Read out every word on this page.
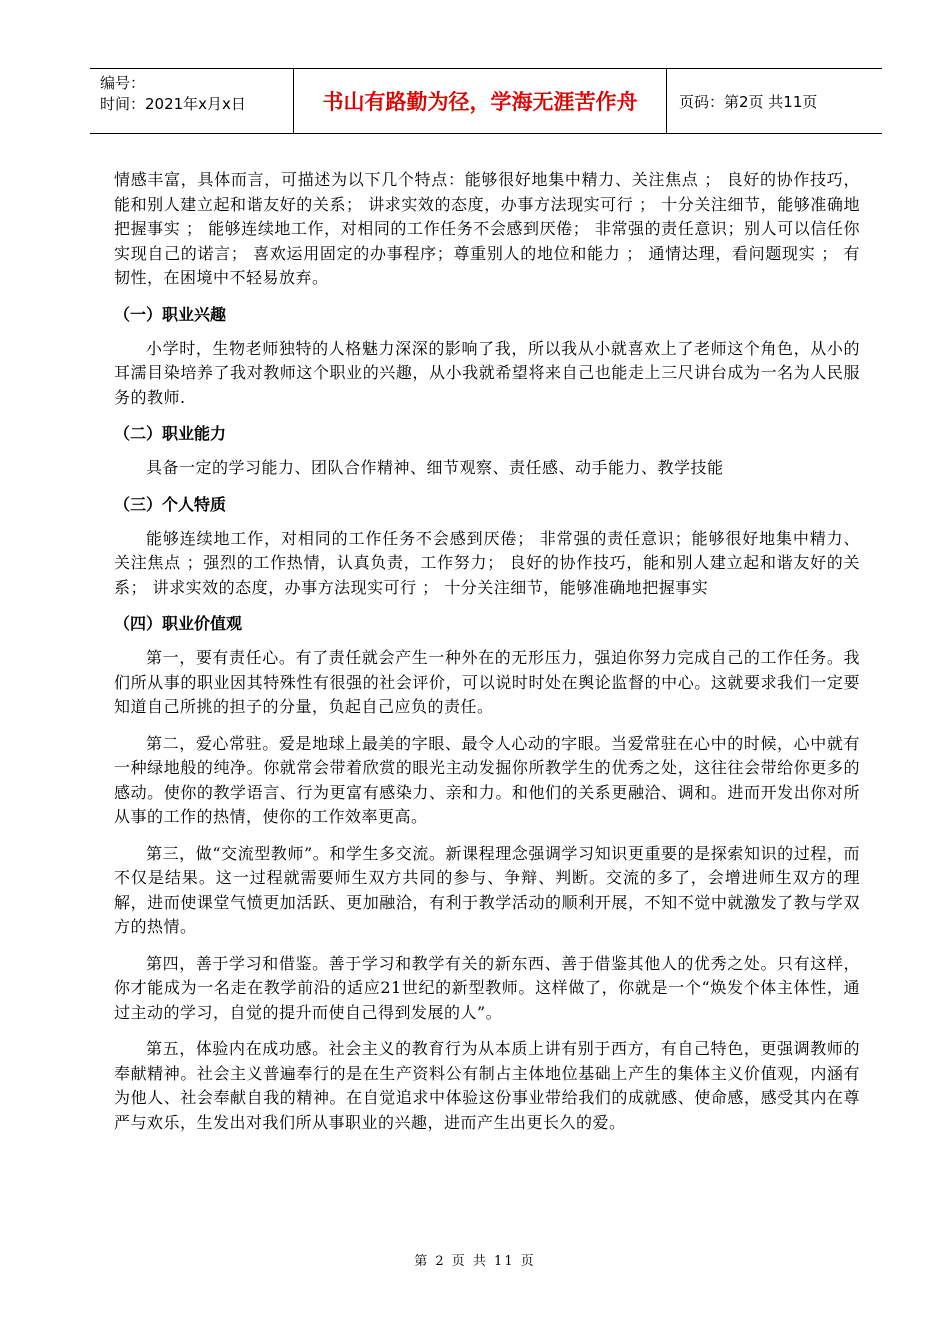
编号：
时间：2021年x月x日	书山有路勤为径，学海无涯苦作舟	页码：第2页 共11页

情感丰富，具体而言，可描述为以下几个特点：能够很好地集中精力、关注焦点 ； 良好的协作技巧，能和别人建立起和谐友好的关系； 讲求实效的态度，办事方法现实可行 ； 十分关注细节，能够准确地把握事实 ； 能够连续地工作，对相同的工作任务不会感到厌倦； 非常强的责任意识；别人可以信任你实现自己的诺言； 喜欢运用固定的办事程序；尊重别人的地位和能力 ； 通情达理，看问题现实 ； 有韧性，在困境中不轻易放弃。

（一）职业兴趣

小学时，生物老师独特的人格魅力深深的影响了我，所以我从小就喜欢上了老师这个角色，从小的耳濡目染培养了我对教师这个职业的兴趣，从小我就希望将来自己也能走上三尺讲台成为一名为人民服务的教师.

（二）职业能力

具备一定的学习能力、团队合作精神、细节观察、责任感、动手能力、教学技能

（三）个人特质

能够连续地工作，对相同的工作任务不会感到厌倦； 非常强的责任意识；能够很好地集中精力、关注焦点 ；强烈的工作热情，认真负责，工作努力； 良好的协作技巧，能和别人建立起和谐友好的关系； 讲求实效的态度，办事方法现实可行 ； 十分关注细节，能够准确地把握事实

（四）职业价值观

第一，要有责任心。有了责任就会产生一种外在的无形压力，强迫你努力完成自己的工作任务。我们所从事的职业因其特殊性有很强的社会评价，可以说时时处在舆论监督的中心。这就要求我们一定要知道自己所挑的担子的分量，负起自己应负的责任。

第二，爱心常驻。爱是地球上最美的字眼、最令人心动的字眼。当爱常驻在心中的时候，心中就有一种绿地般的纯净。你就常会带着欣赏的眼光主动发掘你所教学生的优秀之处，这往往会带给你更多的感动。使你的教学语言、行为更富有感染力、亲和力。和他们的关系更融洽、调和。进而开发出你对所从事的工作的热情，使你的工作效率更高。

第三，做“交流型教师”。和学生多交流。新课程理念强调学习知识更重要的是探索知识的过程，而不仅是结果。这一过程就需要师生双方共同的参与、争辩、判断。交流的多了，会增进师生双方的理解，进而使课堂气愤更加活跃、更加融洽，有利于教学活动的顺利开展，不知不觉中就激发了教与学双方的热情。

第四，善于学习和借鉴。善于学习和教学有关的新东西、善于借鉴其他人的优秀之处。只有这样，你才能成为一名走在教学前沿的适应21世纪的新型教师。这样做了，你就是一个“焕发个体主体性，通过主动的学习，自觉的提升而使自己得到发展的人”。

第五，体验内在成功感。社会主义的教育行为从本质上讲有别于西方，有自己特色，更强调教师的奉献精神。社会主义普遍奉行的是在生产资料公有制占主体地位基础上产生的集体主义价值观，内涵有为他人、社会奉献自我的精神。在自觉追求中体验这份事业带给我们的成就感、使命感，感受其内在尊严与欢乐，生发出对我们所从事职业的兴趣，进而产生出更长久的爱。

第 2 页 共 11 页
